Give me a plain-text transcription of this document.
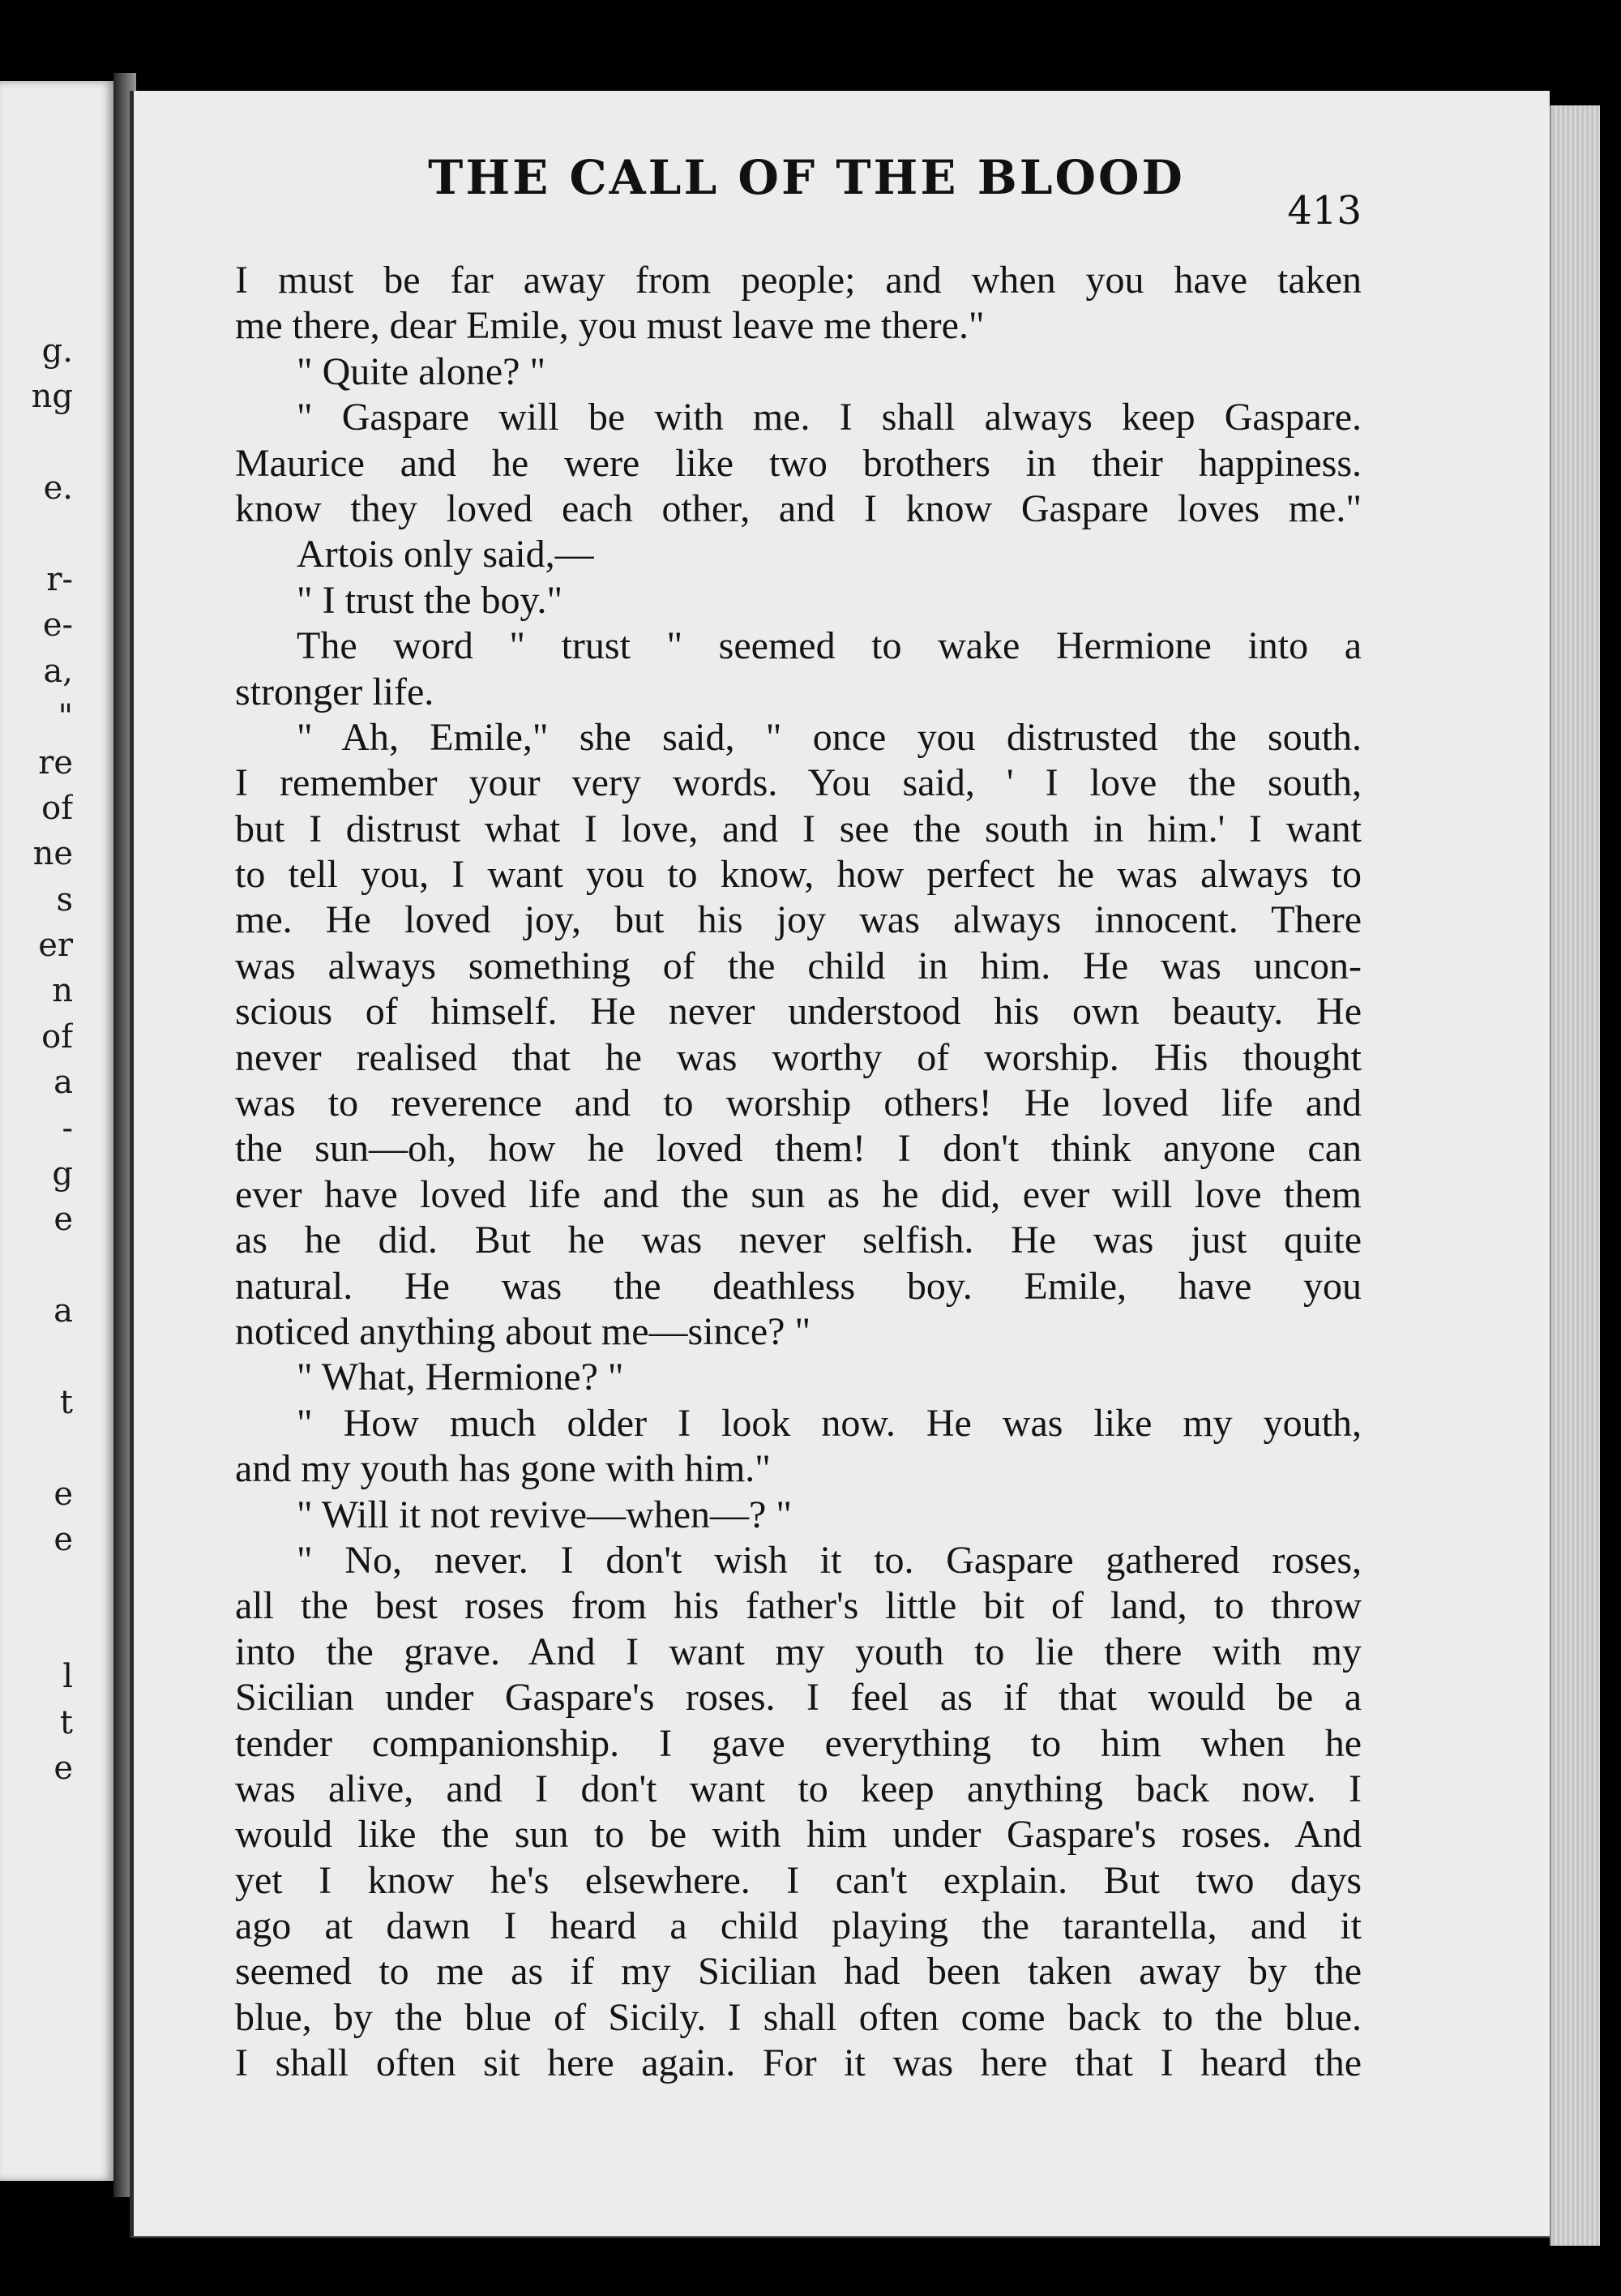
g.
ng
e.
r-
e-
a,
"
re
of
ne
s
er
n
of
a
-
g
e
a
t
e
e
l
t
e
THE CALL OF THE BLOOD
413
I must be far away from people; and when you have taken
me there, dear Emile, you must leave me there."
" Quite alone? "
" Gaspare will be with me. I shall always keep Gaspare.
Maurice and he were like two brothers in their happiness.
know they loved each other, and I know Gaspare loves me."
Artois only said,—
" I trust the boy."
The word " trust " seemed to wake Hermione into a
stronger life.
" Ah, Emile," she said, " once you distrusted the south.
I remember your very words. You said, ' I love the south,
but I distrust what I love, and I see the south in him.' I want
to tell you, I want you to know, how perfect he was always to
me. He loved joy, but his joy was always innocent. There
was always something of the child in him. He was uncon-
scious of himself. He never understood his own beauty. He
never realised that he was worthy of worship. His thought
was to reverence and to worship others! He loved life and
the sun—oh, how he loved them! I don't think anyone can
ever have loved life and the sun as he did, ever will love them
as he did. But he was never selfish. He was just quite
natural. He was the deathless boy. Emile, have you
noticed anything about me—since? "
" What, Hermione? "
" How much older I look now. He was like my youth,
and my youth has gone with him."
" Will it not revive—when—? "
" No, never. I don't wish it to. Gaspare gathered roses,
all the best roses from his father's little bit of land, to throw
into the grave. And I want my youth to lie there with my
Sicilian under Gaspare's roses. I feel as if that would be a
tender companionship. I gave everything to him when he
was alive, and I don't want to keep anything back now. I
would like the sun to be with him under Gaspare's roses. And
yet I know he's elsewhere. I can't explain. But two days
ago at dawn I heard a child playing the tarantella, and it
seemed to me as if my Sicilian had been taken away by the
blue, by the blue of Sicily. I shall often come back to the blue.
I shall often sit here again. For it was here that I heard the
